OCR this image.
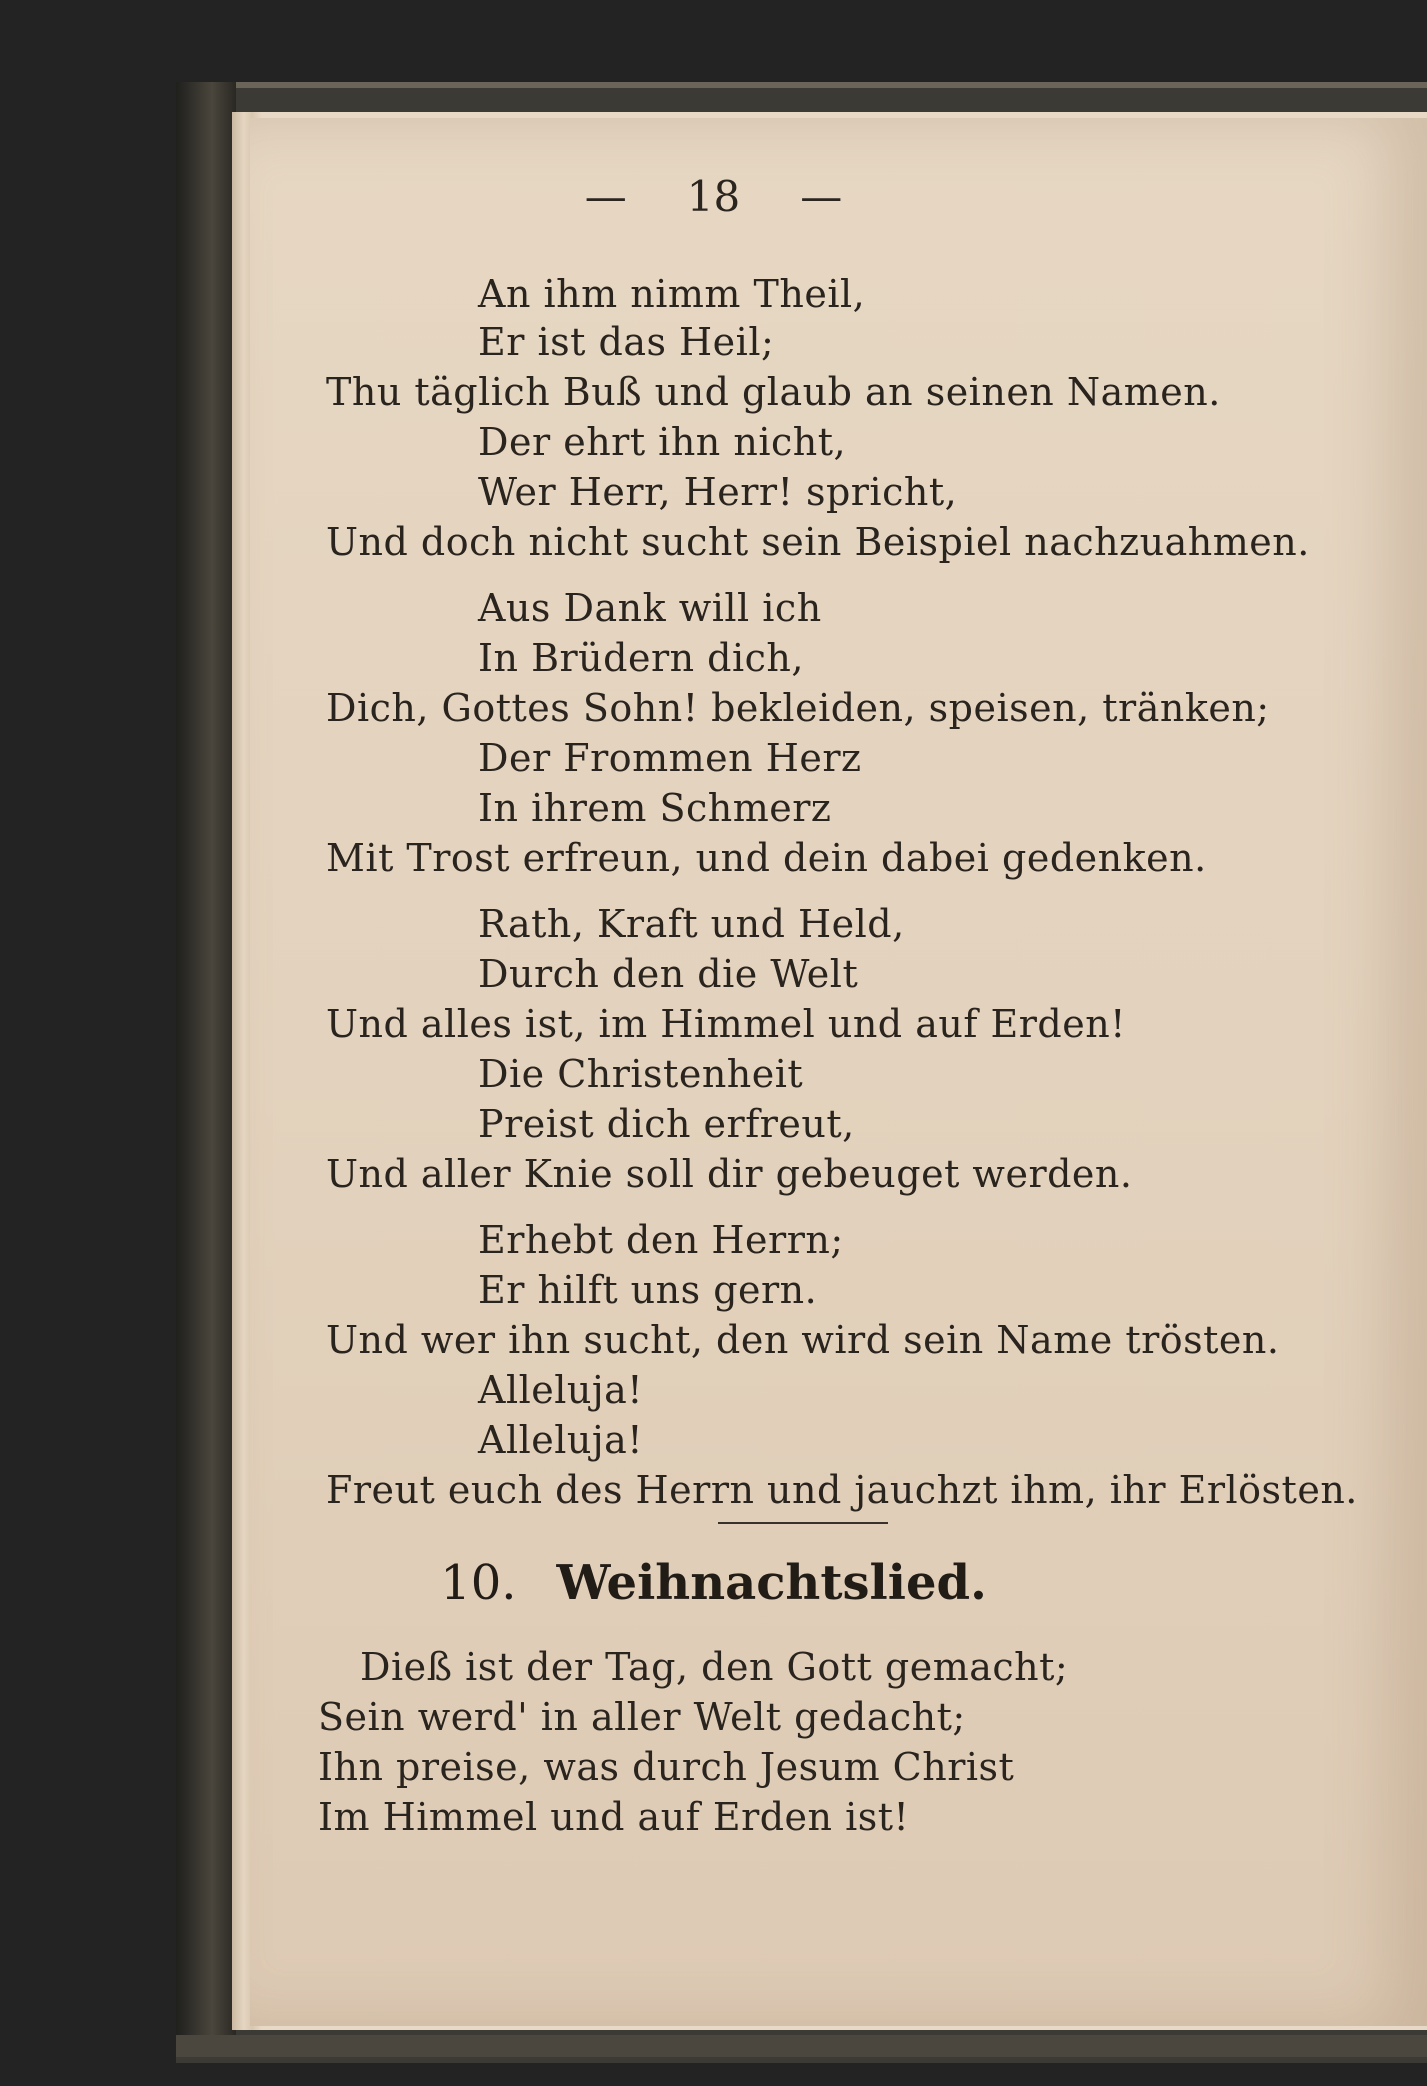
— 18 —
An ihm nimm Theil,
Er ist das Heil;
Thu täglich Buß und glaub an seinen Namen.
Der ehrt ihn nicht,
Wer Herr, Herr! spricht,
Und doch nicht sucht sein Beispiel nachzuahmen.
Aus Dank will ich
In Brüdern dich,
Dich, Gottes Sohn! bekleiden, speisen, tränken;
Der Frommen Herz
In ihrem Schmerz
Mit Trost erfreun, und dein dabei gedenken.
Rath, Kraft und Held,
Durch den die Welt
Und alles ist, im Himmel und auf Erden!
Die Christenheit
Preist dich erfreut,
Und aller Knie soll dir gebeuget werden.
Erhebt den Herrn;
Er hilft uns gern.
Und wer ihn sucht, den wird sein Name trösten.
Alleluja!
Alleluja!
Freut euch des Herrn und jauchzt ihm, ihr Erlösten.
10. Weihnachtslied.
Dieß ist der Tag, den Gott gemacht;
Sein werd' in aller Welt gedacht;
Ihn preise, was durch Jesum Christ
Im Himmel und auf Erden ist!
